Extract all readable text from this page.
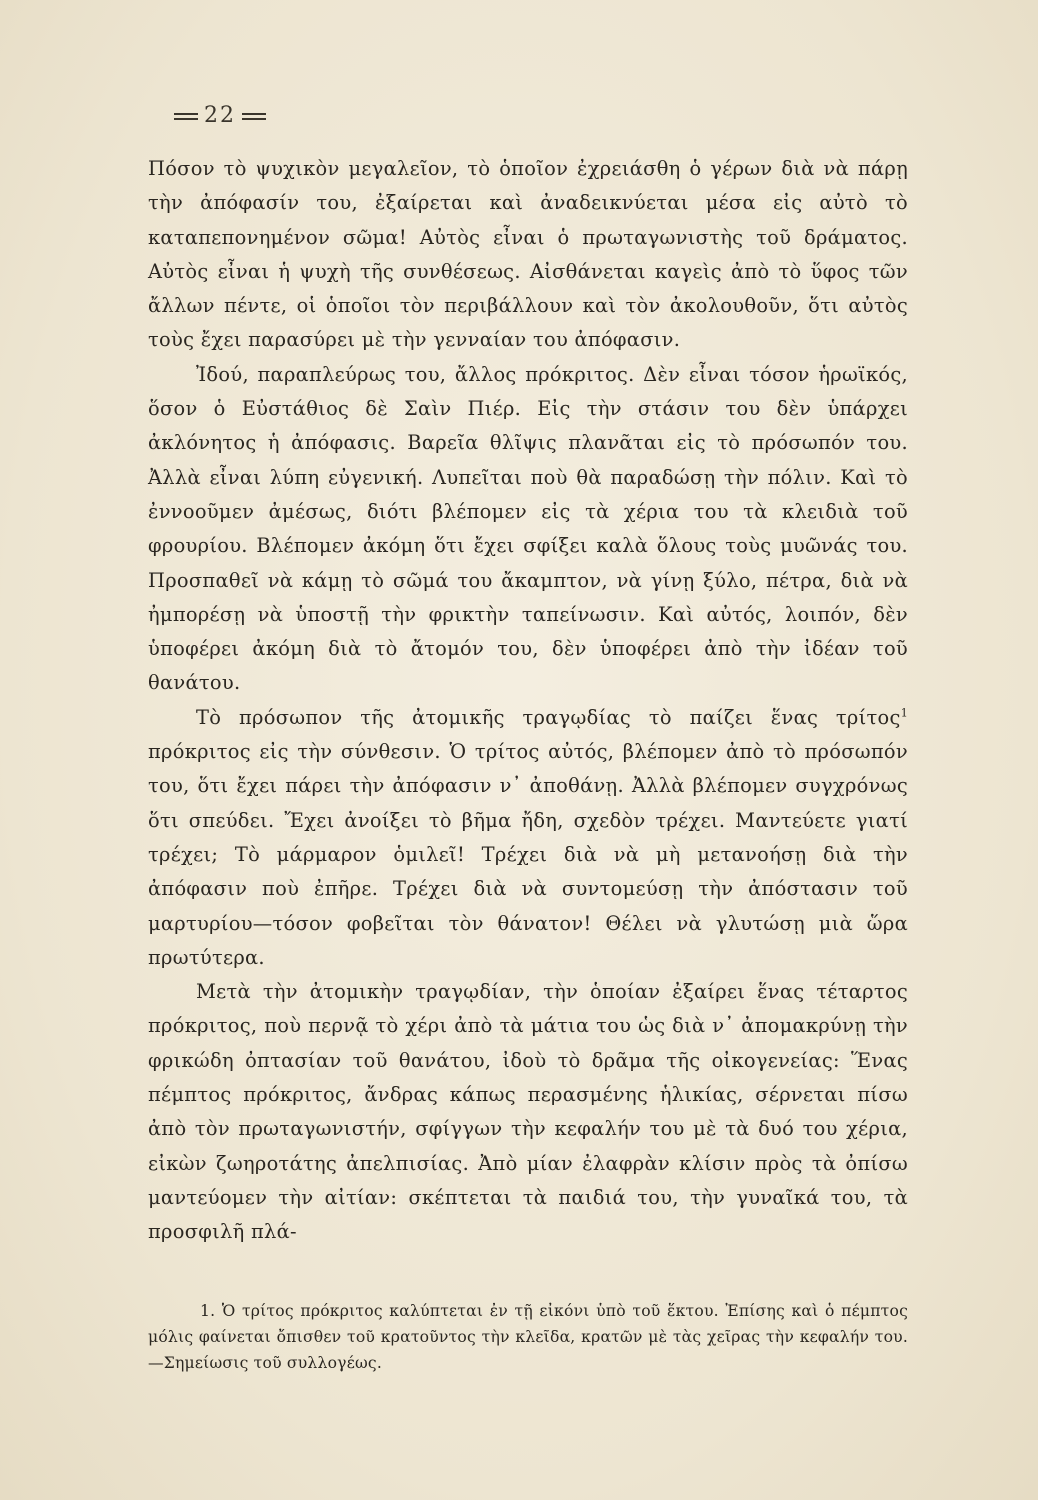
22

Πόσον τὸ ψυχικὸν μεγαλεῖον, τὸ ὁποῖον ἐχρειάσθη ὁ γέρων διὰ νὰ πάρῃ τὴν ἀπόφασίν του, ἐξαίρεται καὶ ἀναδεικνύεται μέσα εἰς αὐτὸ τὸ καταπεπονημένον σῶμα! Αὐτὸς εἶναι ὁ πρωταγωνιστὴς τοῦ δράματος. Αὐτὸς εἶναι ἡ ψυχὴ τῆς συνθέσεως. Αἰσθάνεται καγεὶς ἀπὸ τὸ ὕφος τῶν ἄλλων πέντε, οἱ ὁποῖοι τὸν περιβάλλουν καὶ τὸν ἀκολουθοῦν, ὅτι αὐτὸς τοὺς ἔχει παρασύρει μὲ τὴν γενναίαν του ἀπόφασιν.

Ἰδού, παραπλεύρως του, ἄλλος πρόκριτος. Δὲν εἶναι τόσον ἡρωϊκός, ὅσον ὁ Εὐστάθιος δὲ Σαὶν Πιέρ. Εἰς τὴν στάσιν του δὲν ὑπάρχει ἀκλόνητος ἡ ἀπόφασις. Βαρεῖα θλῖψις πλανᾶται εἰς τὸ πρόσωπόν του. Ἀλλὰ εἶναι λύπη εὐγενική. Λυπεῖται ποὺ θὰ παραδώσῃ τὴν πόλιν. Καὶ τὸ ἐννοοῦμεν ἀμέσως, διότι βλέπομεν εἰς τὰ χέρια του τὰ κλειδιὰ τοῦ φρουρίου. Βλέπομεν ἀκόμη ὅτι ἔχει σφίξει καλὰ ὅλους τοὺς μυῶνάς του. Προσπαθεῖ νὰ κάμῃ τὸ σῶμά του ἄκαμπτον, νὰ γίνῃ ξύλο, πέτρα, διὰ νὰ ἠμπορέσῃ νὰ ὑποστῇ τὴν φρικτὴν ταπείνωσιν. Καὶ αὐτός, λοιπόν, δὲν ὑποφέρει ἀκόμη διὰ τὸ ἄτομόν του, δὲν ὑποφέρει ἀπὸ τὴν ἰδέαν τοῦ θανάτου.

Τὸ πρόσωπον τῆς ἀτομικῆς τραγῳδίας τὸ παίζει ἕνας τρίτος$^1$ πρόκριτος εἰς τὴν σύνθεσιν. Ὁ τρίτος αὐτός, βλέπομεν ἀπὸ τὸ πρόσωπόν του, ὅτι ἔχει πάρει τὴν ἀπόφασιν ν᾽ ἀποθάνῃ. Ἀλλὰ βλέπομεν συγχρόνως ὅτι σπεύδει. Ἔχει ἀνοίξει τὸ βῆμα ἤδη, σχεδὸν τρέχει. Μαντεύετε γιατί τρέχει; Τὸ μάρμαρον ὁμιλεῖ! Τρέχει διὰ νὰ μὴ μετανοήσῃ διὰ τὴν ἀπόφασιν ποὺ ἐπῆρε. Τρέχει διὰ νὰ συντομεύσῃ τὴν ἀπόστασιν τοῦ μαρτυρίου—τόσον φοβεῖται τὸν θάνατον! Θέλει νὰ γλυτώσῃ μιὰ ὥρα πρωτύτερα.

Μετὰ τὴν ἀτομικὴν τραγῳδίαν, τὴν ὁποίαν ἐξαίρει ἕνας τέταρτος πρόκριτος, ποὺ περνᾷ τὸ χέρι ἀπὸ τὰ μάτια του ὡς διὰ ν᾽ ἀπομακρύνῃ τὴν φρικώδη ὀπτασίαν τοῦ θανάτου, ἰδοὺ τὸ δρᾶμα τῆς οἰκογενείας: Ἕνας πέμπτος πρόκριτος, ἄνδρας κάπως περασμένης ἡλικίας, σέρνεται πίσω ἀπὸ τὸν πρωταγωνιστήν, σφίγγων τὴν κεφαλήν του μὲ τὰ δυό του χέρια, εἰκὼν ζωηροτάτης ἀπελπισίας. Ἀπὸ μίαν ἐλαφρὰν κλίσιν πρὸς τὰ ὀπίσω μαντεύομεν τὴν αἰτίαν: σκέπτεται τὰ παιδιά του, τὴν γυναῖκά του, τὰ προσφιλῆ πλά-

1. Ὁ τρίτος πρόκριτος καλύπτεται ἐν τῇ εἰκόνι ὑπὸ τοῦ ἕκτου. Ἐπίσης καὶ ὁ πέμπτος μόλις φαίνεται ὄπισθεν τοῦ κρατοῦντος τὴν κλεῖδα, κρατῶν μὲ τὰς χεῖρας τὴν κεφαλήν του.—Σημείωσις τοῦ συλλογέως.
